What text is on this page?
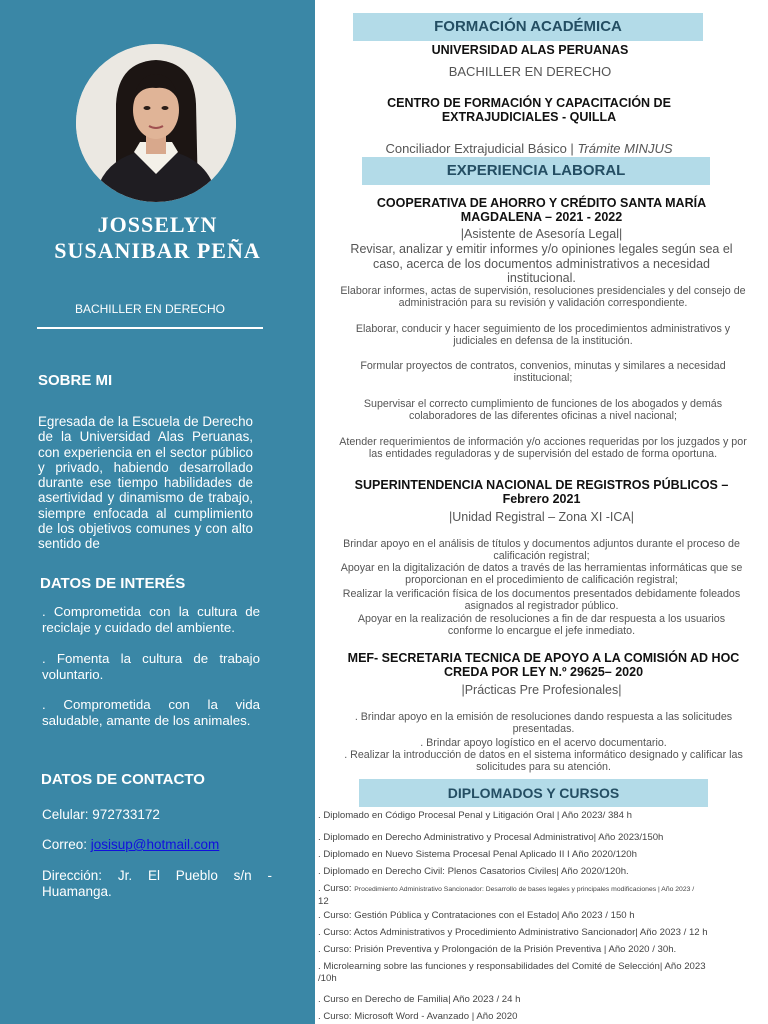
JOSSELYN
SUSANIBAR PEÑA
BACHILLER EN DERECHO
SOBRE MI
Egresada de la Escuela de Derecho de la Universidad Alas Peruanas, con experiencia en el sector público y privado, habiendo desarrollado durante ese tiempo habilidades de asertividad y dinamismo de trabajo, siempre enfocada al cumplimiento de los objetivos comunes y con alto sentido de
DATOS DE INTERÉS
. Comprometida con la cultura de reciclaje y cuidado del ambiente.
. Fomenta la cultura de trabajo voluntario.
. Comprometida con la vida saludable, amante de los animales.
DATOS DE CONTACTO
Celular: 972733172
Correo: josisup@hotmail.com
Dirección: Jr. El Pueblo s/n - Huamanga.
FORMACIÓN ACADÉMICA
UNIVERSIDAD ALAS PERUANAS
BACHILLER EN DERECHO
CENTRO DE FORMACIÓN Y CAPACITACIÓN DE
EXTRAJUDICIALES - QUILLA
Conciliador Extrajudicial Básico | Trámite MINJUS
EXPERIENCIA LABORAL
COOPERATIVA DE AHORRO Y CRÉDITO SANTA MARÍA
MAGDALENA – 2021 - 2022
|Asistente de Asesoría Legal|
Revisar, analizar y emitir informes y/o opiniones legales según sea el caso, acerca de los documentos administrativos a necesidad institucional.
Elaborar informes, actas de supervisión, resoluciones presidenciales y del consejo de administración para su revisión y validación correspondiente.
Elaborar, conducir y hacer seguimiento de los procedimientos administrativos y judiciales en defensa de la institución.
Formular proyectos de contratos, convenios, minutas y similares a necesidad institucional;
Supervisar el correcto cumplimiento de funciones de los abogados y demás colaboradores de las diferentes oficinas a nivel nacional;
Atender requerimientos de información y/o acciones requeridas por los juzgados y por las entidades reguladoras y de supervisión del estado de forma oportuna.
SUPERINTENDENCIA NACIONAL DE REGISTROS PÚBLICOS –
Febrero 2021
|Unidad Registral – Zona XI -ICA|
Brindar apoyo en el análisis de títulos y documentos adjuntos durante el proceso de calificación registral;
Apoyar en la digitalización de datos a través de las herramientas informáticas que se proporcionan en el procedimiento de calificación registral;
Realizar la verificación física de los documentos presentados debidamente foleados asignados al registrador público.
Apoyar en la realización de resoluciones a fin de dar respuesta a los usuarios conforme lo encargue el jefe inmediato.
MEF- SECRETARIA TECNICA DE APOYO A LA COMISIÓN AD HOC
CREDA POR LEY N.º 29625– 2020
|Prácticas Pre Profesionales|
. Brindar apoyo en la emisión de resoluciones dando respuesta a las solicitudes presentadas.
. Brindar apoyo logístico en el acervo documentario.
. Realizar la introducción de datos en el sistema informático designado y calificar las solicitudes para su atención.
DIPLOMADOS Y CURSOS
. Diplomado en Código Procesal Penal y Litigación Oral | Año 2023/ 384 h
. Diplomado en Derecho Administrativo y Procesal Administrativo| Año 2023/150h
. Diplomado en Nuevo Sistema Procesal Penal Aplicado II I Año 2020/120h
. Diplomado en Derecho Civil: Plenos Casatorios Civiles| Año 2020/120h.
. Curso: Procedimiento Administrativo Sancionador: Desarrollo de bases legales y principales modificaciones | Año 2023 /
12
. Curso: Gestión Pública y Contrataciones con el Estado| Año 2023 / 150 h
. Curso: Actos Administrativos y Procedimiento Administrativo Sancionador| Año 2023 / 12 h
. Curso: Prisión Preventiva y Prolongación de la Prisión Preventiva | Año 2020 / 30h.
. Microlearning sobre las funciones y responsabilidades del Comité de Selección| Año 2023
/10h
. Curso en Derecho de Familia| Año 2023 / 24 h
. Curso: Microsoft Word - Avanzado | Año 2020
